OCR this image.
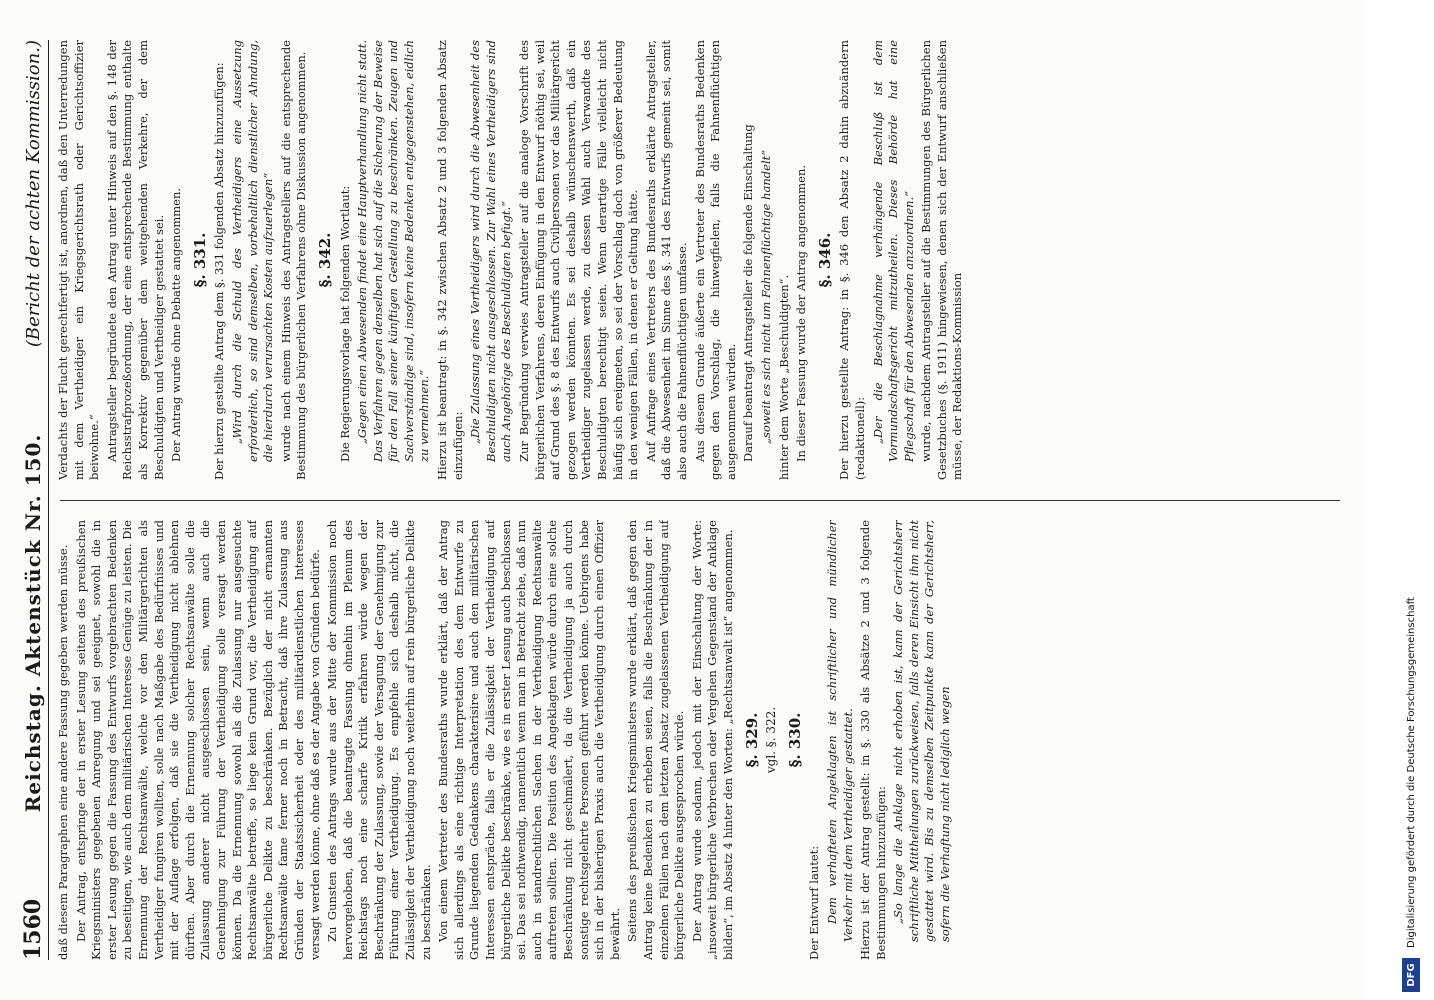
1560
Reichstag. Aktenstück Nr. 150.
(Bericht der achten Kommission.)

daß diesem Paragraphen eine andere Fassung gegeben werden müsse. Der Antrag, entspringe der in erster Lesung seitens des preußischen Kriegsministers gegebenen Anregung und sei geeignet, sowohl die in erster Lesung gegen die Fassung des Entwurfs vorgebrachten Bedenken zu beseitigen, wie auch dem militärischen Interesse Genüge zu leisten. Die Ernennung der Rechtsanwälte, welche vor den Militärgerichten als Vertheidiger fungiren wollten, solle nach Maßgabe des Bedürfnisses und mit der Auflage erfolgen, daß sie die Vertheidigung nicht ablehnen dürften. Aber durch die Ernennung solcher Rechtsanwälte solle die Zulassung anderer nicht ausgeschlossen sein, wenn auch die Genehmigung zur Führung der Vertheidigung solle versagt werden können. Da die Ernennung sowohl als die Zulassung nur ausgesuchte Rechtsanwälte betreffe, so liege kein Grund vor, die Vertheidigung auf bürgerliche Delikte zu beschränken. Bezüglich der nicht ernannten Rechtsanwälte fame ferner noch in Betracht, daß ihre Zulassung aus Gründen der Staatssicherheit oder des militärdienstlichen Interesses versagt werden könne, ohne daß es der Angabe von Gründen bedürfe. Zu Gunsten des Antrags wurde aus der Mitte der Kommission noch hervorgehoben, daß die beantragte Fassung ohnehin im Plenum des Reichstags noch eine scharfe Kritik erfahren würde wegen der Beschränkung der Zulassung, sowie der Versagung der Genehmigung zur Führung einer Vertheidigung. Es empfehle sich deshalb nicht, die Zulässigkeit der Vertheidigung noch weiterhin auf rein bürgerliche Delikte zu beschränken. Von einem Vertreter des Bundesraths wurde erklärt, daß der Antrag sich allerdings als eine richtige Interpretation des dem Entwurfe zu Grunde liegenden Gedankens charakterisire und auch den militärischen Interessen entspräche, falls er die Zulässigkeit der Vertheidigung auf bürgerliche Delikte beschränke, wie es in erster Lesung auch beschlossen sei. Das sei nothwendig, namentlich wenn man in Betracht ziehe, daß nun auch in standrechtlichen Sachen in der Vertheidigung Rechtsanwälte auftreten sollten. Die Position des Angeklagten würde durch eine solche Beschränkung nicht geschmälert, da die Vertheidigung ja auch durch sonstige rechtsgelehrte Personen geführt werden könne. Uebrigens habe sich in der bisherigen Praxis auch die Vertheidigung durch einen Offizier bewährt. Seitens des preußischen Kriegsministers wurde erklärt, daß gegen den Antrag keine Bedenken zu erheben seien, falls die Beschränkung der in einzelnen Fällen nach dem letzten Absatz zugelassenen Vertheidigung auf bürgerliche Delikte ausgesprochen würde. Der Antrag wurde sodann, jedoch mit der Einschaltung der Worte: „insoweit bürgerliche Verbrechen oder Vergehen Gegenstand der Anklage bilden“, im Absatz 4 hinter den Worten: „Rechtsanwalt ist“ angenommen. §. 329. vgl. §. 322. §. 330.

Der Entwurf lautet: Dem verhafteten Angeklagten ist schriftlicher und mündlicher Verkehr mit dem Vertheidiger gestattet. Hierzu ist der Antrag gestellt: in §. 330 als Absätze 2 und 3 folgende Bestimmungen hinzuzufügen: „So lange die Anklage nicht erhoben ist, kann der Gerichtsherr schriftliche Mittheilungen zurückweisen, falls deren Einsicht ihm nicht gestattet wird. Bis zu demselben Zeitpunkte kann der Gerichtsherr, sofern die Verhaftung nicht lediglich wegen

Verdachts der Flucht gerechtfertigt ist, anordnen, daß den Unterredungen mit dem Vertheidiger ein Kriegsgerichtsrath oder Gerichtsoffizier beiwohne.“ Antragsteller begründete den Antrag unter Hinweis auf den §. 148 der Reichsstrafprozeßordnung, der eine entsprechende Bestimmung enthalte als Korrektiv gegenüber dem weitgehenden Verkehre, der dem Beschuldigten und Vertheidiger gestattet sei. Der Antrag wurde ohne Debatte angenommen. §. 331. Der hierzu gestellte Antrag dem §. 331 folgenden Absatz hinzuzufügen: „Wird durch die Schuld des Vertheidigers eine Aussetzung erforderlich, so sind demselben, vorbehaltlich dienstlicher Ahndung, die hierdurch verursachten Kosten aufzuerlegen“ wurde nach einem Hinweis des Antragstellers auf die entsprechende Bestimmung des bürgerlichen Verfahrens ohne Diskussion angenommen. §. 342. Die Regierungsvorlage hat folgenden Wortlaut: „Gegen einen Abwesenden findet eine Hauptverhandlung nicht statt. Das Verfahren gegen denselben hat sich auf die Sicherung der Beweise für den Fall seiner künftigen Gestellung zu beschränken. Zeugen und Sachverständige sind, insofern keine Bedenken entgegenstehen, eidlich zu vernehmen.“ Hierzu ist beantragt: in §. 342 zwischen Absatz 2 und 3 folgenden Absatz einzufügen:

„Die Zulassung eines Vertheidigers wird durch die Abwesenheit des Beschuldigten nicht ausgeschlossen. Zur Wahl eines Vertheidigers sind auch Angehörige des Beschuldigten befugt.“ Zur Begründung verwies Antragsteller auf die analoge Vorschrift des bürgerlichen Verfahrens, deren Einfügung in den Entwurf nöthig sei, weil auf Grund des §. 8 des Entwurfs auch Civilpersonen vor das Militärgericht gezogen werden könnten. Es sei deshalb wünschenswerth, daß ein Vertheidiger zugelassen werde, zu dessen Wahl auch Verwandte des Beschuldigten berechtigt seien. Wenn derartige Fälle vielleicht nicht häufig sich ereigneten, so sei der Vorschlag doch von größerer Bedeutung in den wenigen Fällen, in denen er Geltung hätte. Auf Anfrage eines Vertreters des Bundesraths erklärte Antragsteller, daß die Abwesenheit im Sinne des §. 341 des Entwurfs gemeint sei, somit also auch die Fahnenflüchtigen umfasse. Aus diesem Grunde äußerte ein Vertreter des Bundesraths Bedenken gegen den Vorschlag, die hinwegfielen, falls die Fahnenflüchtigen ausgenommen würden. Darauf beantragt Antragsteller die folgende Einschaltung „soweit es sich nicht um Fahnenflüchtige handelt“ hinter dem Worte „Beschuldigten“. In dieser Fassung wurde der Antrag angenommen. §. 346. Der hierzu gestellte Antrag: in §. 346 den Absatz 2 dahin abzuändern (redaktionell): „Der die Beschlagnahme verhängende Beschluß ist dem Vormundschaftsgericht mitzutheilen. Dieses Behörde hat eine Pflegschaft für den Abwesenden anzuordnen.“ wurde, nachdem Antragsteller auf die Bestimmungen des Bürgerlichen Gesetzbuches (§. 1911) hingewiesen, denen sich der Entwurf anschließen müsse, der Redaktions-Kommission

DFG
Digitalisierung gefördert durch die Deutsche Forschungsgemeinschaft
